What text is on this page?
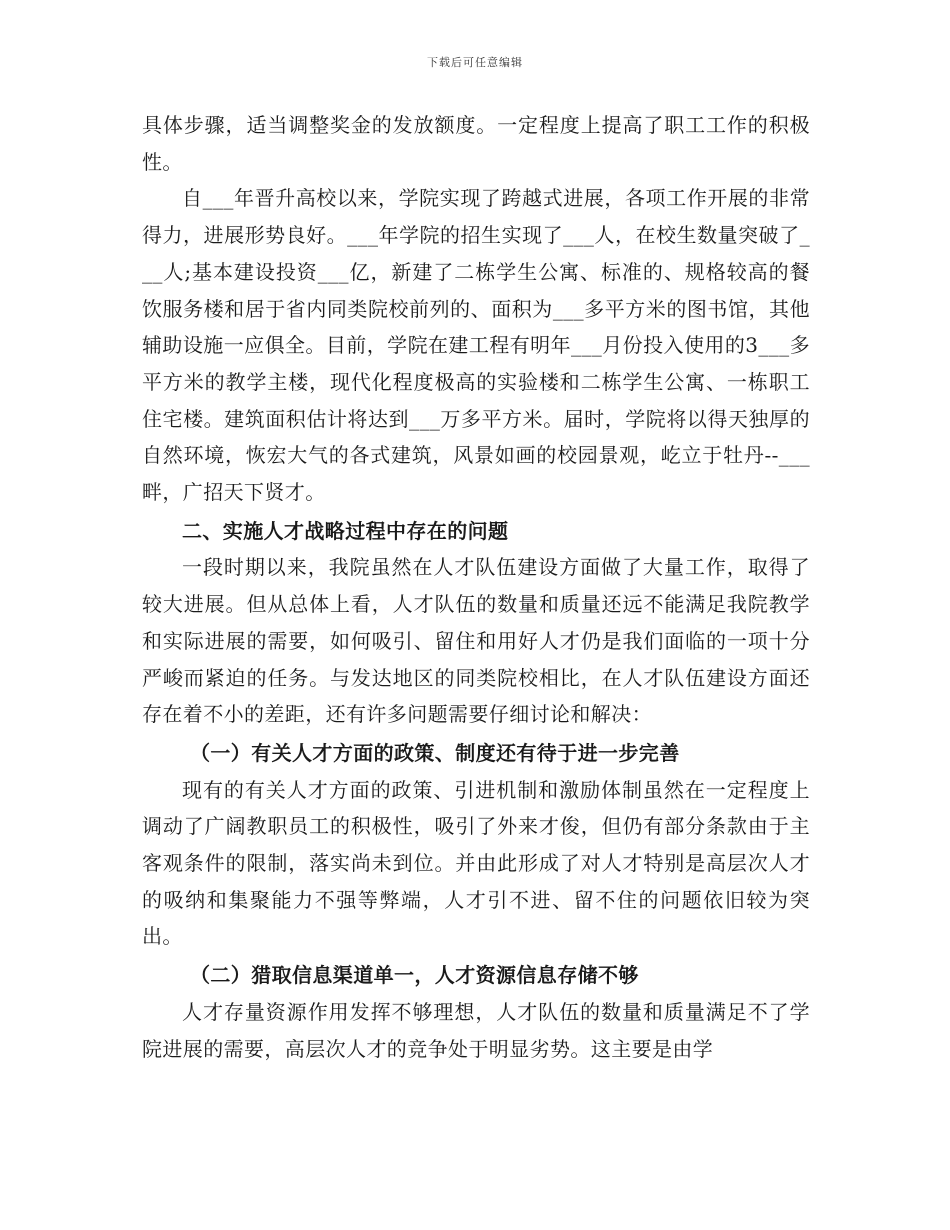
下载后可任意编辑

具体步骤，适当调整奖金的发放额度。一定程度上提高了职工工作的积极性。

自___年晋升高校以来，学院实现了跨越式进展，各项工作开展的非常得力，进展形势良好。___年学院的招生实现了___人，在校生数量突破了___人;基本建设投资___亿，新建了二栋学生公寓、标准的、规格较高的餐饮服务楼和居于省内同类院校前列的、面积为___多平方米的图书馆，其他辅助设施一应俱全。目前，学院在建工程有明年___月份投入使用的3___多平方米的教学主楼，现代化程度极高的实验楼和二栋学生公寓、一栋职工住宅楼。建筑面积估计将达到___万多平方米。届时，学院将以得天独厚的自然环境，恢宏大气的各式建筑，风景如画的校园景观，屹立于牡丹--___畔，广招天下贤才。

二、实施人才战略过程中存在的问题

一段时期以来，我院虽然在人才队伍建设方面做了大量工作，取得了较大进展。但从总体上看，人才队伍的数量和质量还远不能满足我院教学和实际进展的需要，如何吸引、留住和用好人才仍是我们面临的一项十分严峻而紧迫的任务。与发达地区的同类院校相比，在人才队伍建设方面还存在着不小的差距，还有许多问题需要仔细讨论和解决：

（一）有关人才方面的政策、制度还有待于进一步完善

现有的有关人才方面的政策、引进机制和激励体制虽然在一定程度上调动了广阔教职员工的积极性，吸引了外来才俊，但仍有部分条款由于主客观条件的限制，落实尚未到位。并由此形成了对人才特别是高层次人才的吸纳和集聚能力不强等弊端，人才引不进、留不住的问题依旧较为突出。

（二）猎取信息渠道单一，人才资源信息存储不够

人才存量资源作用发挥不够理想，人才队伍的数量和质量满足不了学院进展的需要，高层次人才的竞争处于明显劣势。这主要是由学
